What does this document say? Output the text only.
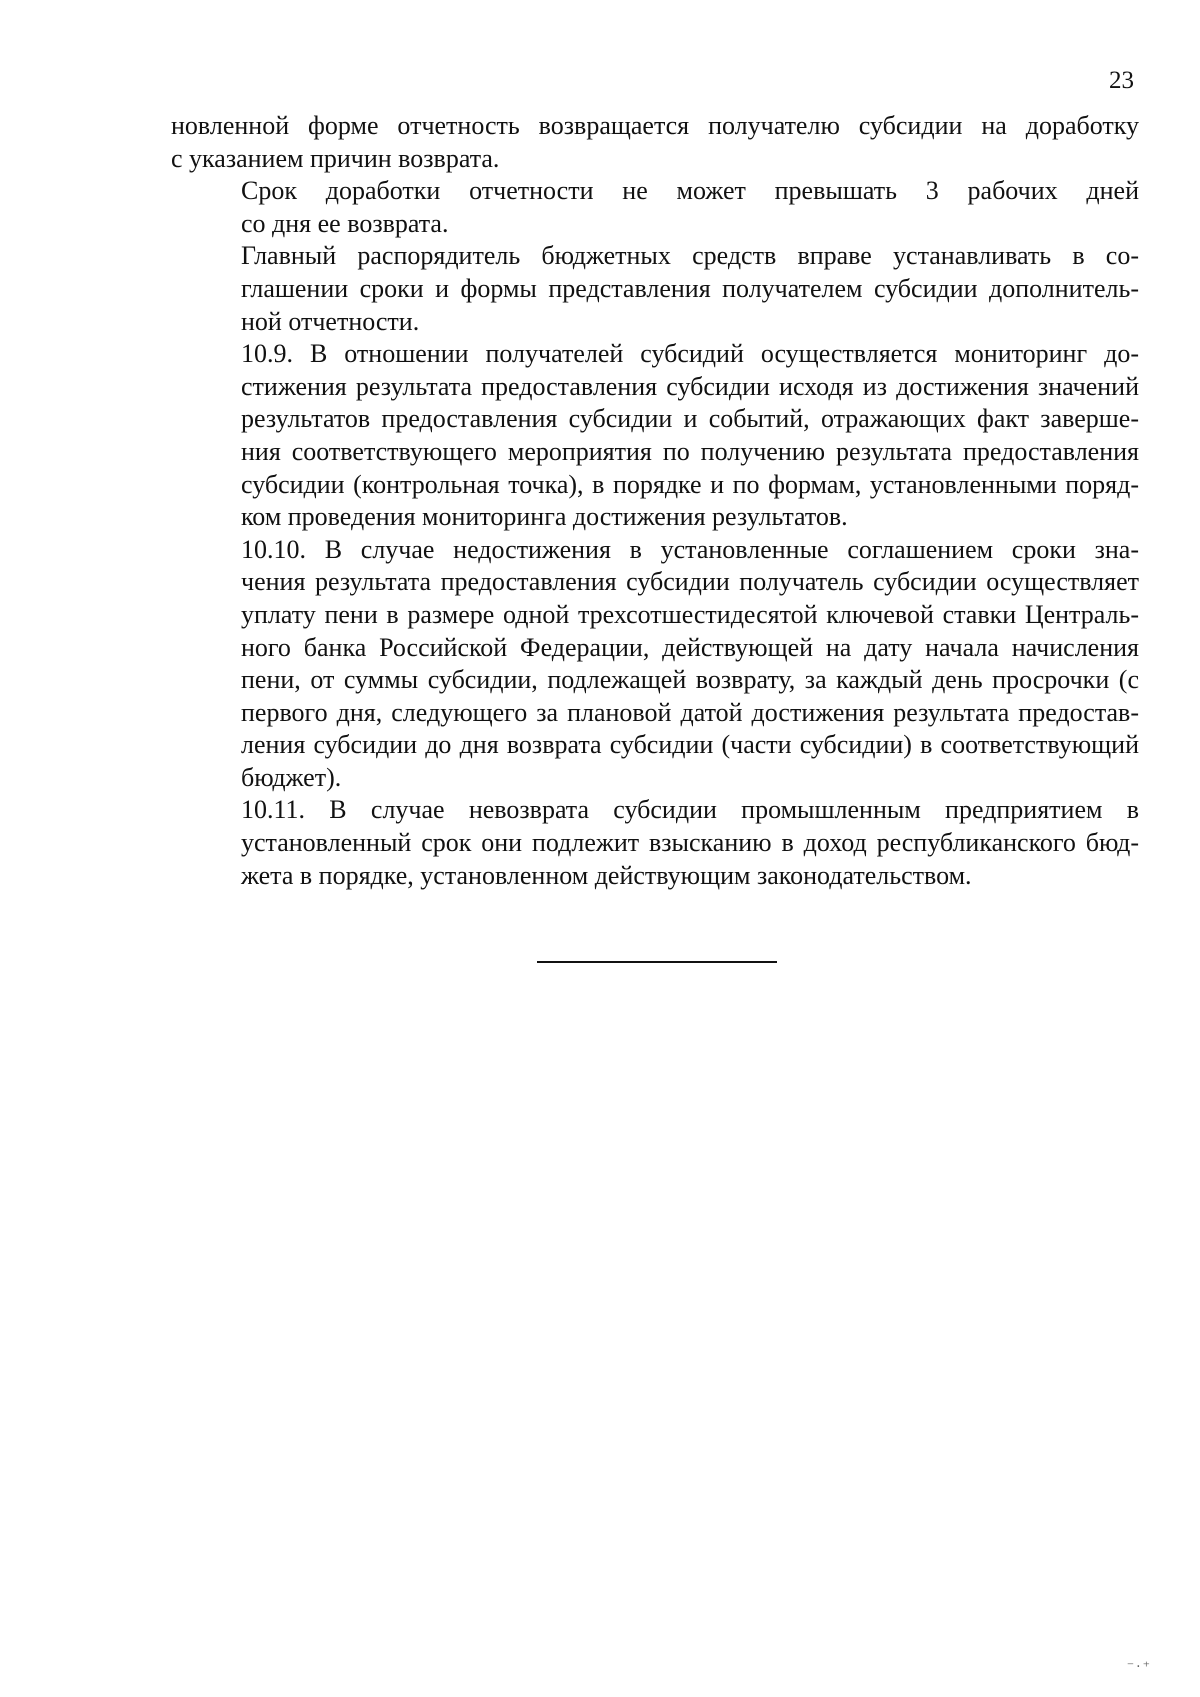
23

новленной форме отчетность возвращается получателю субсидии на доработку
с указанием причин возврата.

Срок доработки отчетности не может превышать 3 рабочих дней
со дня ее возврата.

Главный распорядитель бюджетных средств вправе устанавливать в со-
глашении сроки и формы представления получателем субсидии дополнитель-
ной отчетности.

10.9. В отношении получателей субсидий осуществляется мониторинг до-
стижения результата предоставления субсидии исходя из достижения значений
результатов предоставления субсидии и событий, отражающих факт заверше-
ния соответствующего мероприятия по получению результата предоставления
субсидии (контрольная точка), в порядке и по формам, установленными поряд-
ком проведения мониторинга достижения результатов.

10.10. В случае недостижения в установленные соглашением сроки зна-
чения результата предоставления субсидии получатель субсидии осуществляет
уплату пени в размере одной трехсотшестидесятой ключевой ставки Централь-
ного банка Российской Федерации, действующей на дату начала начисления
пени, от суммы субсидии, подлежащей возврату, за каждый день просрочки (с
первого дня, следующего за плановой датой достижения результата предостав-
ления субсидии до дня возврата субсидии (части субсидии) в соответствующий
бюджет).

10.11. В случае невозврата субсидии промышленным предприятием в
установленный срок они подлежит взысканию в доход республиканского бюд-
жета в порядке, установленном действующим законодательством.

⁻·⁺
